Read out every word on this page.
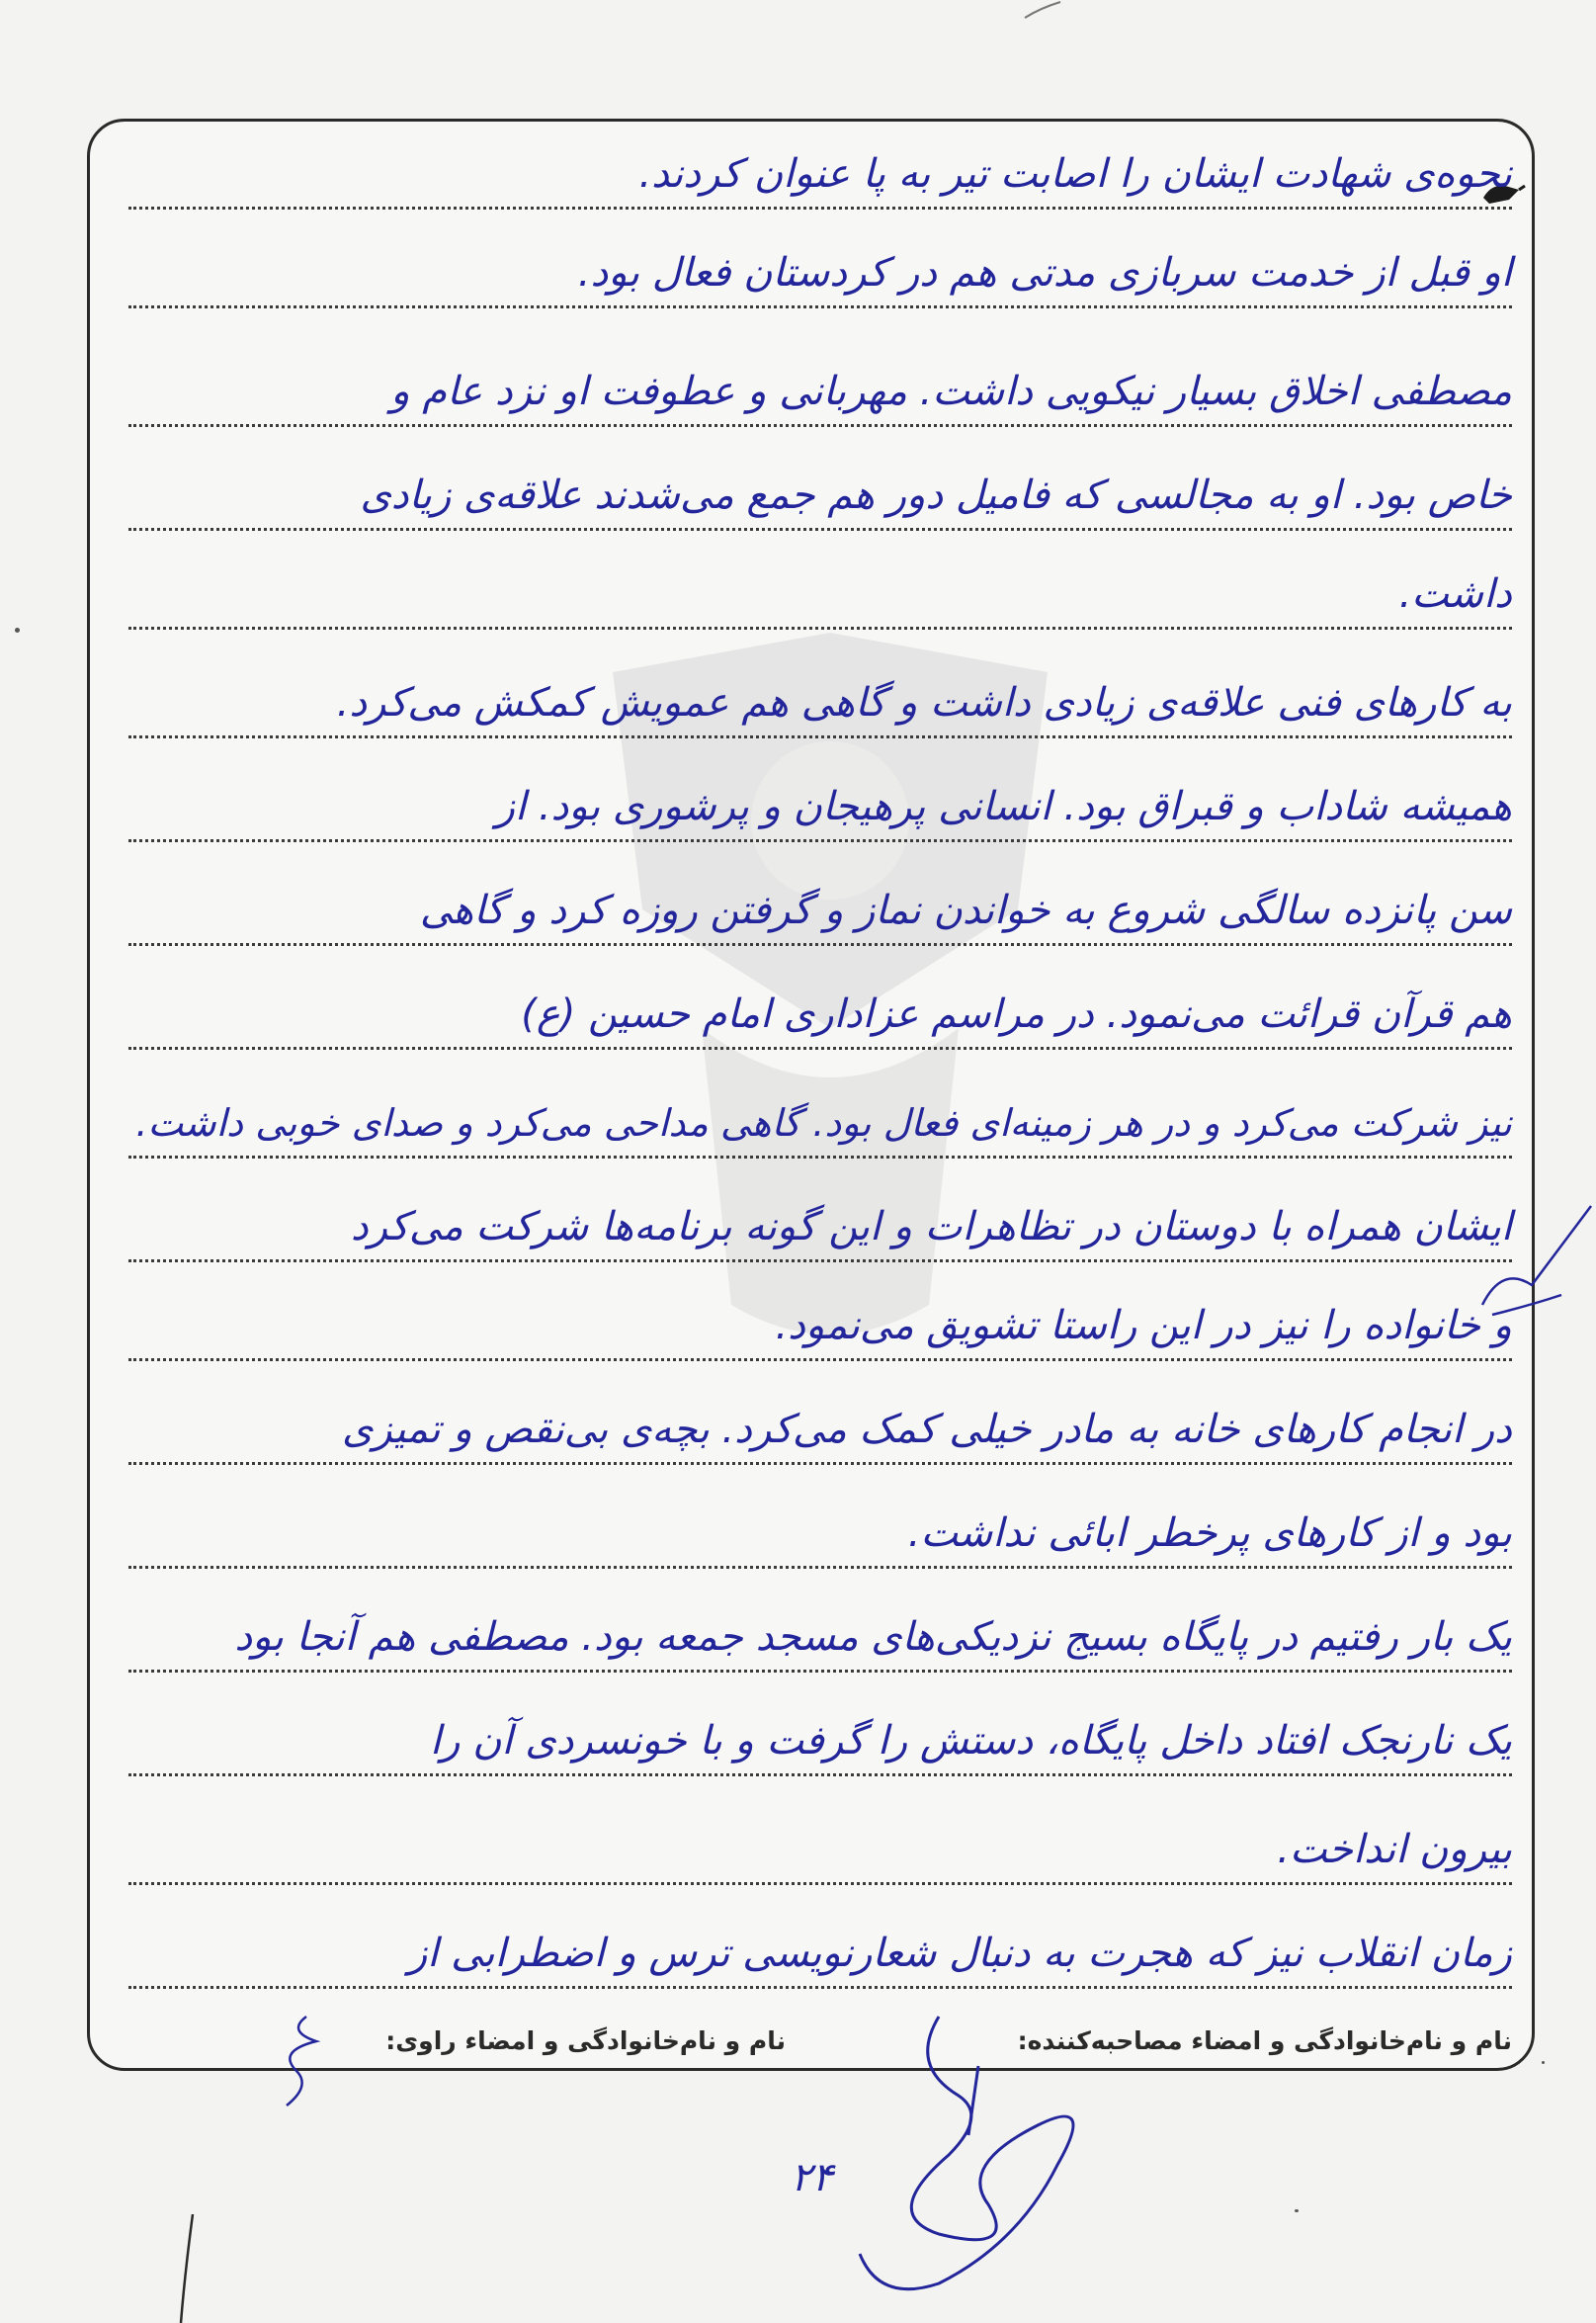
نحوه‌ی شهادت ایشان را اصابت تیر به پا عنوان کردند.
او قبل از خدمت سربازی مدتی هم در کردستان فعال بود.
مصطفی اخلاق بسیار نیکویی داشت. مهربانی و عطوفت او نزد عام و
خاص بود. او به مجالسی که فامیل دور هم جمع می‌شدند علاقه‌ی زیادی
داشت.
به کارهای فنی علاقه‌ی زیادی داشت و گاهی هم عمویش کمکش می‌کرد.
همیشه شاداب و قبراق بود. انسانی پرهیجان و پرشوری بود. از
سن پانزده سالگی شروع به خواندن نماز و گرفتن روزه کرد و گاهی
هم قرآن قرائت می‌نمود. در مراسم عزاداری امام حسین (ع)
نیز شرکت می‌کرد و در هر زمینه‌ای فعال بود. گاهی مداحی می‌کرد و صدای خوبی داشت.
ایشان همراه با دوستان در تظاهرات و این گونه برنامه‌ها شرکت می‌کرد
و خانواده را نیز در این راستا تشویق می‌نمود.
در انجام کارهای خانه به مادر خیلی کمک می‌کرد. بچه‌ی بی‌نقص و تمیزی
بود و از کارهای پرخطر ابائی نداشت.
یک بار رفتیم در پایگاه بسیج نزدیکی‌های مسجد جمعه بود. مصطفی هم آنجا بود
یک نارنجک افتاد داخل پایگاه، دستش را گرفت و با خونسردی آن را
بیرون انداخت.
زمان انقلاب نیز که هجرت به دنبال شعارنویسی ترس و اضطرابی از
نام و نام‌خانوادگی و امضاء مصاحبه‌کننده:
نام و نام‌خانوادگی و امضاء راوی:
۲۴
